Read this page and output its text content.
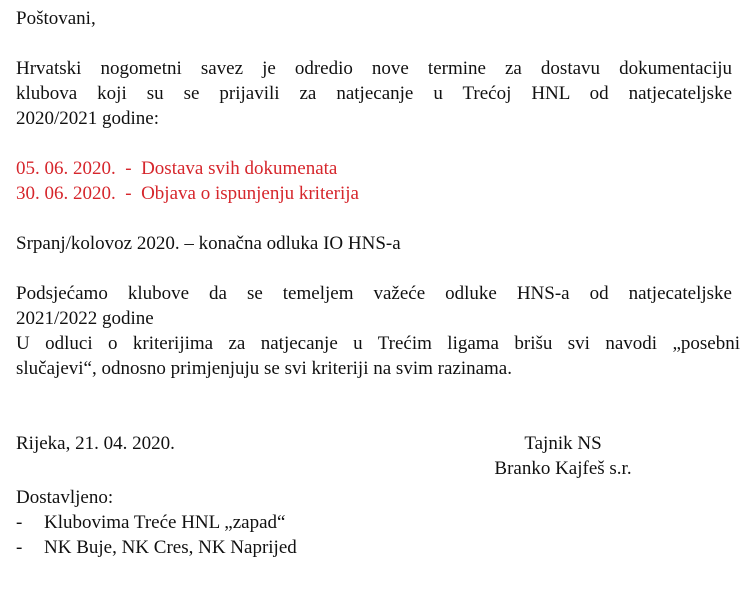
Poštovani,
Hrvatski nogometni savez je odredio nove termine za dostavu dokumentaciju
klubova koji su se prijavili za natjecanje u Trećoj HNL od natjecateljske
2020/2021 godine:
05. 06. 2020.  -  Dostava svih dokumenata
30. 06. 2020.  -  Objava o ispunjenju kriterija
Srpanj/kolovoz 2020. – konačna odluka IO HNS-a
Podsjećamo klubove da se temeljem važeće odluke HNS-a od natjecateljske
2021/2022 godine
U odluci o kriterijima za natjecanje u Trećim ligama brišu svi navodi „posebni
slučajevi“, odnosno primjenjuju se svi kriteriji na svim razinama.
Rijeka, 21. 04. 2020.	Tajnik NS
Branko Kajfeš s.r.
Dostavljeno:
- Klubovima Treće HNL „zapad“
- NK Buje, NK Cres, NK Naprijed
